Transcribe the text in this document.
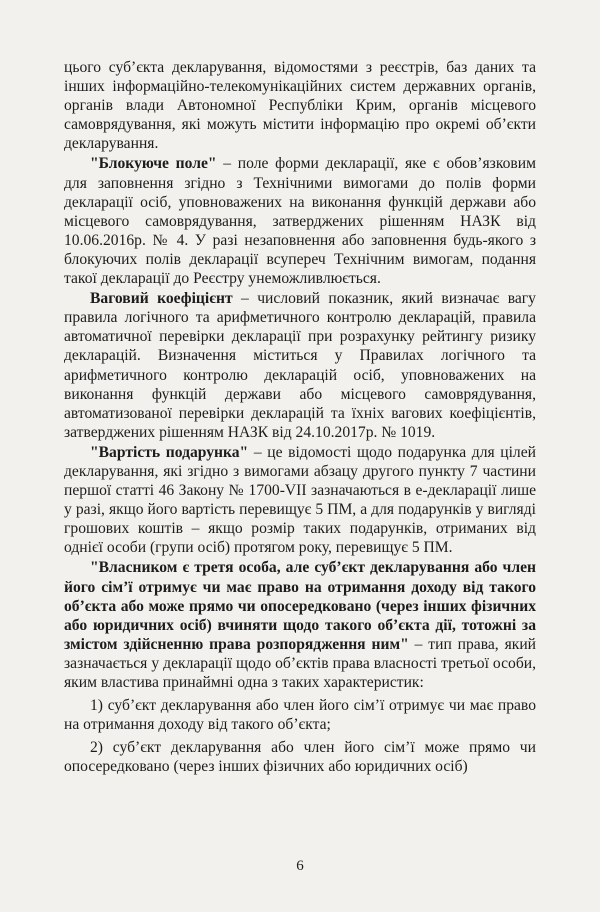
цього суб’єкта декларування, відомостями з реєстрів, баз даних та інших інформаційно-телекомунікаційних систем державних органів, органів влади Автономної Республіки Крим, органів місцевого самоврядування, які можуть містити інформацію про окремі об’єкти декларування.

"Блокуюче поле" – поле форми декларації, яке є обов’язковим для заповнення згідно з Технічними вимогами до полів форми декларації осіб, уповноважених на виконання функцій держави або місцевого самоврядування, затверджених рішенням НАЗК від 10.06.2016р. № 4. У разі незаповнення або заповнення будь-якого з блокуючих полів декларації всупереч Технічним вимогам, подання такої декларації до Реєстру унеможливлюється.

Ваговий коефіцієнт – числовий показник, який визначає вагу правила логічного та арифметичного контролю декларацій, правила автоматичної перевірки декларації при розрахунку рейтингу ризику декларацій. Визначення міститься у Правилах логічного та арифметичного контролю декларацій осіб, уповноважених на виконання функцій держави або місцевого самоврядування, автоматизованої перевірки декларацій та їхніх вагових коефіцієнтів, затверджених рішенням НАЗК від 24.10.2017р. № 1019.

"Вартість подарунка" – це відомості щодо подарунка для цілей декларування, які згідно з вимогами абзацу другого пункту 7 частини першої статті 46 Закону № 1700-VII зазначаються в е-декларації лише у разі, якщо його вартість перевищує 5 ПМ, а для подарунків у вигляді грошових коштів – якщо розмір таких подарунків, отриманих від однієї особи (групи осіб) протягом року, перевищує 5 ПМ.

"Власником є третя особа, але суб’єкт декларування або член його сім’ї отримує чи має право на отримання доходу від такого об’єкта або може прямо чи опосередковано (через інших фізичних або юридичних осіб) вчиняти щодо такого об’єкта дії, тотожні за змістом здійсненню права розпорядження ним" – тип права, який зазначається у декларації щодо об’єктів права власності третьої особи, яким властива принаймні одна з таких характеристик:

1) суб’єкт декларування або член його сім’ї отримує чи має право на отримання доходу від такого об’єкта;

2) суб’єкт декларування або член його сім’ї може прямо чи опосередковано (через інших фізичних або юридичних осіб)

6
